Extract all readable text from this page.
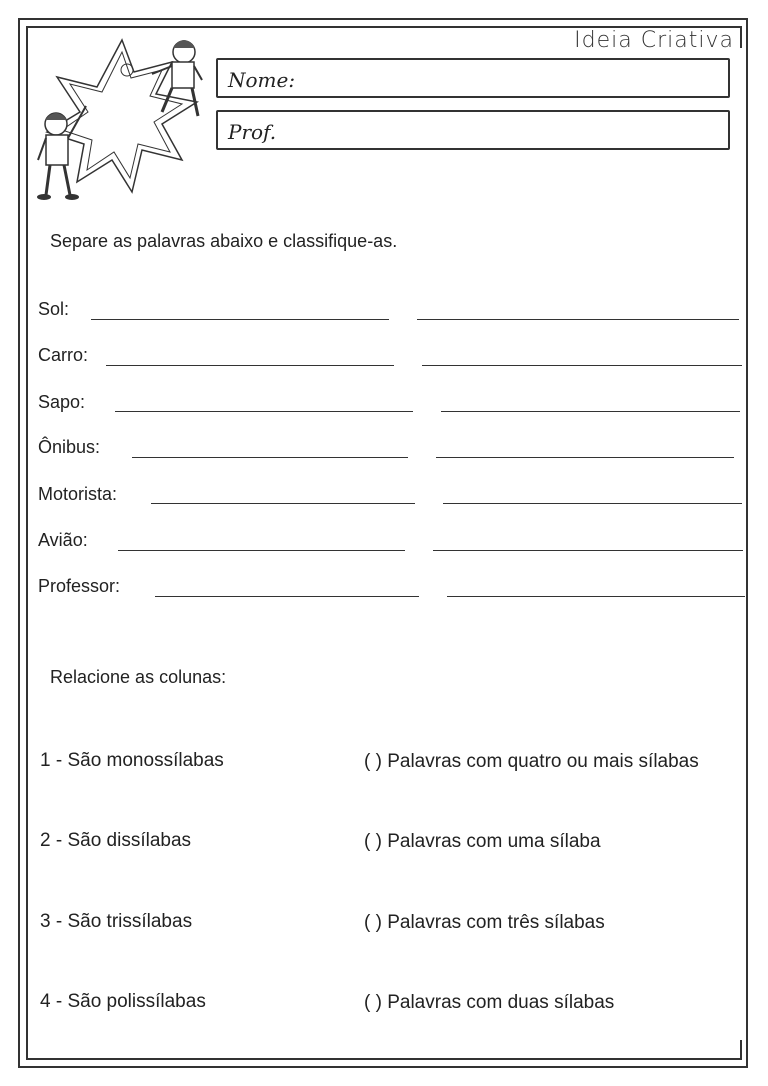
Ideia Criativa
Nome:
Prof.
Separe as palavras abaixo e classifique-as.
Sol:
Carro:
Sapo:
Ônibus:
Motorista:
Avião:
Professor:
Relacione as colunas:
1 - São monossílabas	( ) Palavras com quatro ou mais sílabas
2 - São dissílabas	( ) Palavras com uma sílaba
3 - São trissílabas	( ) Palavras com três sílabas
4 - São polissílabas	( ) Palavras com duas sílabas
